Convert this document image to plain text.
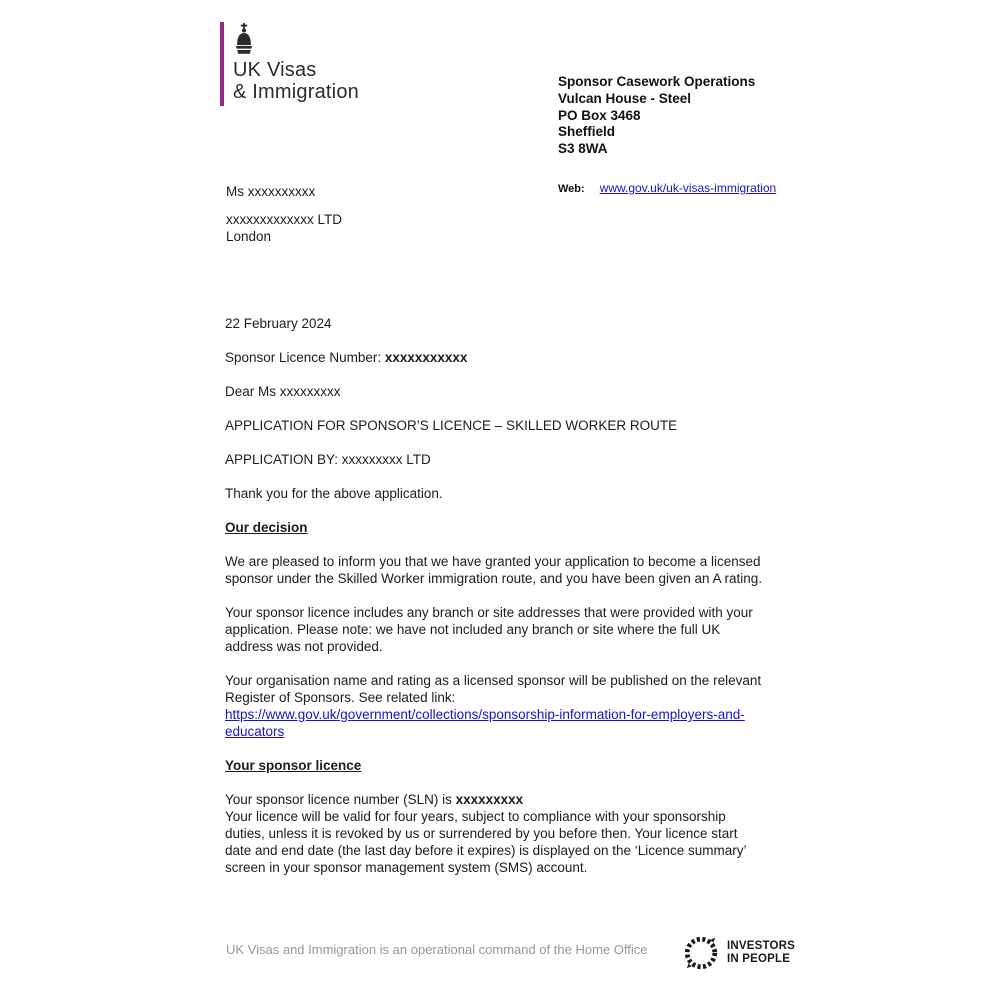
UK Visas
& Immigration	Sponsor Casework Operations
Vulcan House - Steel
PO Box 3468
Sheffield
S3 8WA
Web: www.gov.uk/uk-visas-immigration
Ms xxxxxxxxxx
xxxxxxxxxxxxx LTD
London
22 February 2024
Sponsor Licence Number: xxxxxxxxxxx
Dear Ms xxxxxxxxx
APPLICATION FOR SPONSOR’S LICENCE – SKILLED WORKER ROUTE
APPLICATION BY: xxxxxxxxx LTD
Thank you for the above application.
Our decision
We are pleased to inform you that we have granted your application to become a licensed sponsor under the Skilled Worker immigration route, and you have been given an A rating.
Your sponsor licence includes any branch or site addresses that were provided with your application. Please note: we have not included any branch or site where the full UK address was not provided.
Your organisation name and rating as a licensed sponsor will be published on the relevant Register of Sponsors. See related link:
https://www.gov.uk/government/collections/sponsorship-information-for-employers-and-educators
Your sponsor licence
Your sponsor licence number (SLN) is xxxxxxxxx
Your licence will be valid for four years, subject to compliance with your sponsorship duties, unless it is revoked by us or surrendered by you before then. Your licence start date and end date (the last day before it expires) is displayed on the ‘Licence summary’ screen in your sponsor management system (SMS) account.
UK Visas and Immigration is an operational command of the Home Office	INVESTORS
IN PEOPLE
